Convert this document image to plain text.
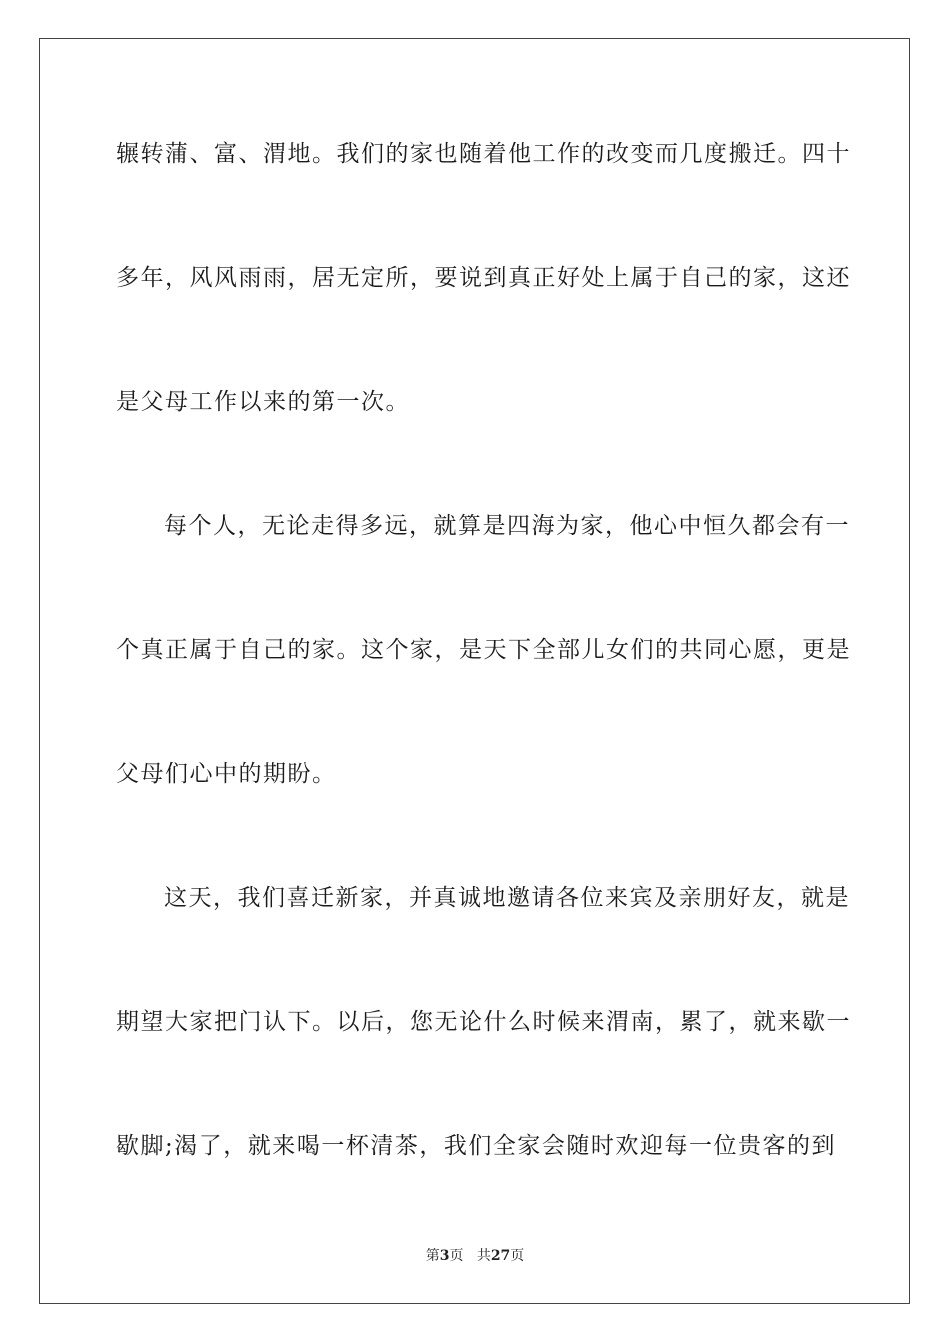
辗转蒲、富、渭地。我们的家也随着他工作的改变而几度搬迁。四十
多年，风风雨雨，居无定所，要说到真正好处上属于自己的家，这还
是父母工作以来的第一次。
每个人，无论走得多远，就算是四海为家，他心中恒久都会有一
个真正属于自己的家。这个家，是天下全部儿女们的共同心愿，更是
父母们心中的期盼。
这天，我们喜迁新家，并真诚地邀请各位来宾及亲朋好友，就是
期望大家把门认下。以后，您无论什么时候来渭南，累了，就来歇一
歇脚;渴了，就来喝一杯清茶，我们全家会随时欢迎每一位贵客的到
第3页 共27页
